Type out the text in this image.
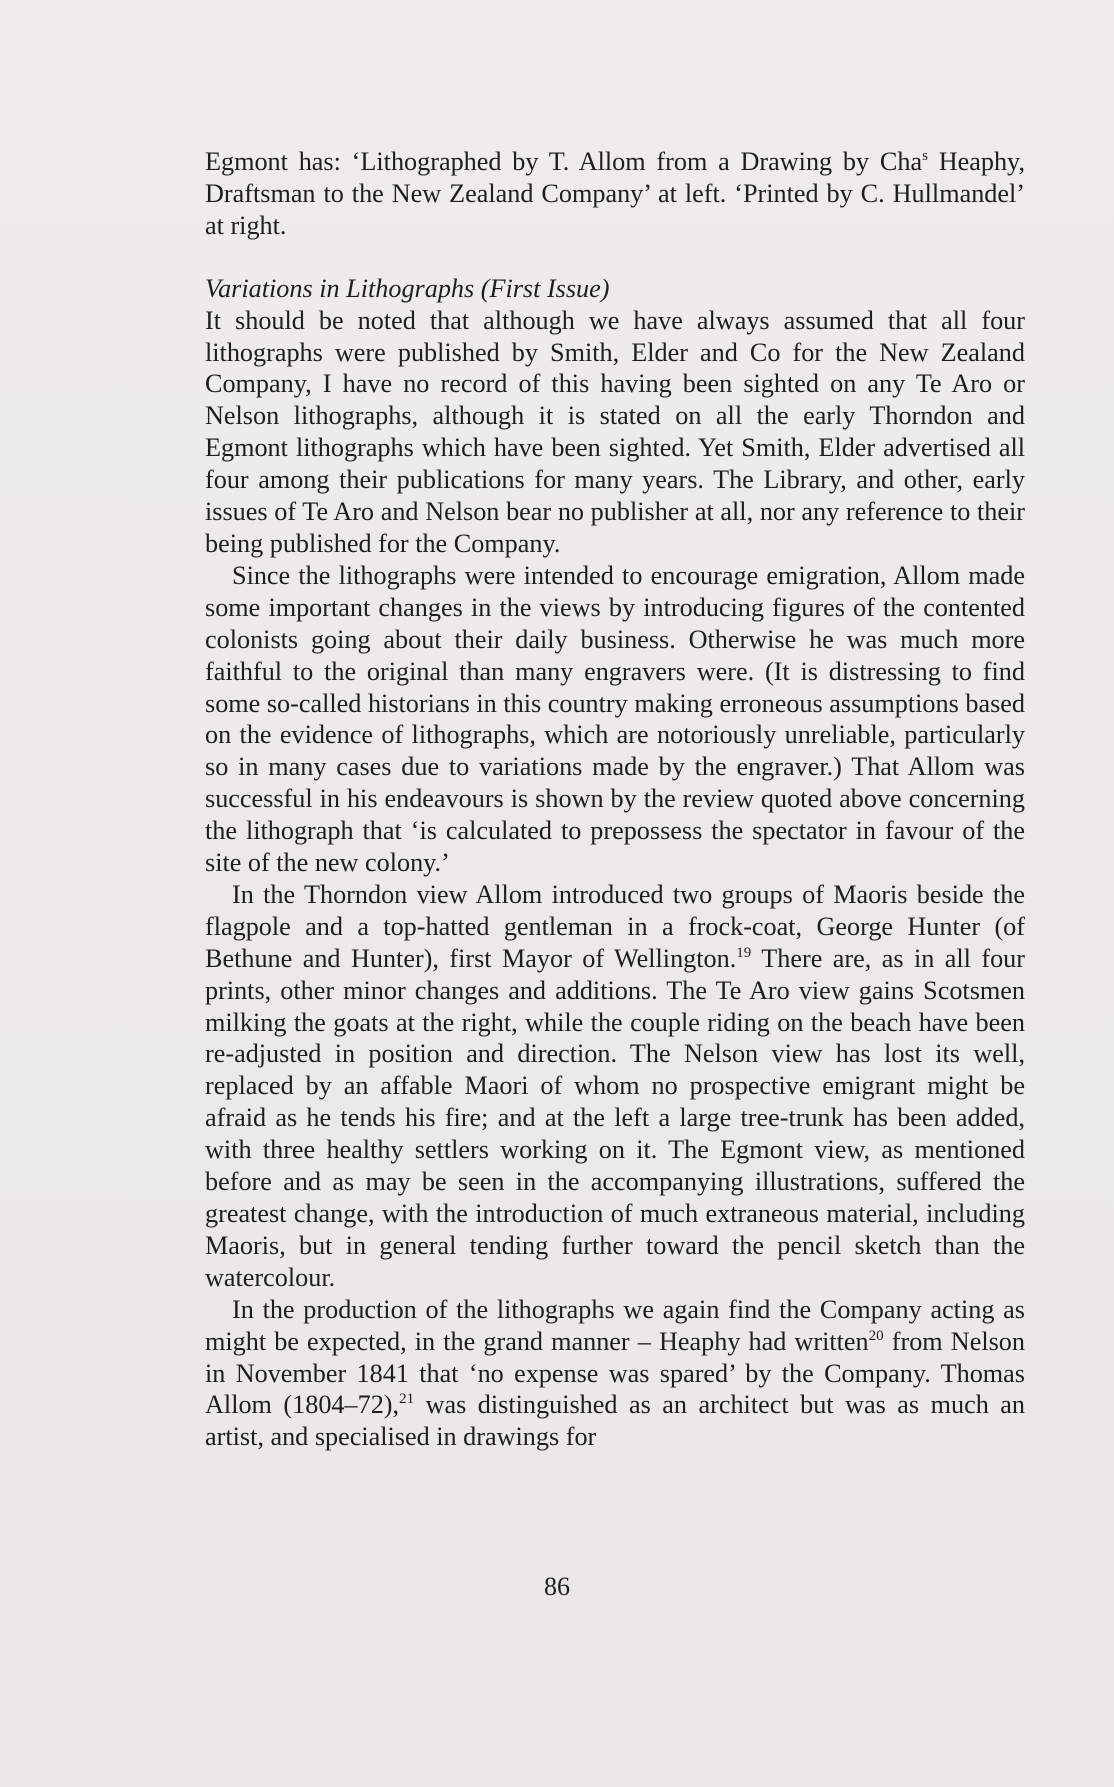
Egmont has: ‘Lithographed by T. Allom from a Drawing by Cha$^s$ Heaphy, Draftsman to the New Zealand Company’ at left. ‘Printed by C. Hullmandel’ at right.

Variations in Lithographs (First Issue)

It should be noted that although we have always assumed that all four lithographs were published by Smith, Elder and Co for the New Zealand Company, I have no record of this having been sighted on any Te Aro or Nelson lithographs, although it is stated on all the early Thorndon and Egmont lithographs which have been sighted. Yet Smith, Elder advertised all four among their publications for many years. The Library, and other, early issues of Te Aro and Nelson bear no publisher at all, nor any reference to their being published for the Company.

Since the lithographs were intended to encourage emigration, Allom made some important changes in the views by introducing figures of the contented colonists going about their daily business. Otherwise he was much more faithful to the original than many engravers were. (It is distressing to find some so-called historians in this country making erroneous assumptions based on the evidence of lithographs, which are notoriously unreliable, particularly so in many cases due to variations made by the engraver.) That Allom was successful in his endeavours is shown by the review quoted above concerning the lithograph that ‘is calculated to prepossess the spectator in favour of the site of the new colony.’

In the Thorndon view Allom introduced two groups of Maoris beside the flagpole and a top-hatted gentleman in a frock-coat, George Hunter (of Bethune and Hunter), first Mayor of Wellington.$^{19}$ There are, as in all four prints, other minor changes and additions. The Te Aro view gains Scotsmen milking the goats at the right, while the couple riding on the beach have been re-adjusted in position and direction. The Nelson view has lost its well, replaced by an affable Maori of whom no prospective emigrant might be afraid as he tends his fire; and at the left a large tree-trunk has been added, with three healthy settlers working on it. The Egmont view, as mentioned before and as may be seen in the accompanying illustrations, suffered the greatest change, with the introduction of much extraneous material, including Maoris, but in general tending further toward the pencil sketch than the watercolour.

In the production of the lithographs we again find the Company acting as might be expected, in the grand manner – Heaphy had written$^{20}$ from Nelson in November 1841 that ‘no expense was spared’ by the Company. Thomas Allom (1804–72),$^{21}$ was distinguished as an architect but was as much an artist, and specialised in drawings for

86
